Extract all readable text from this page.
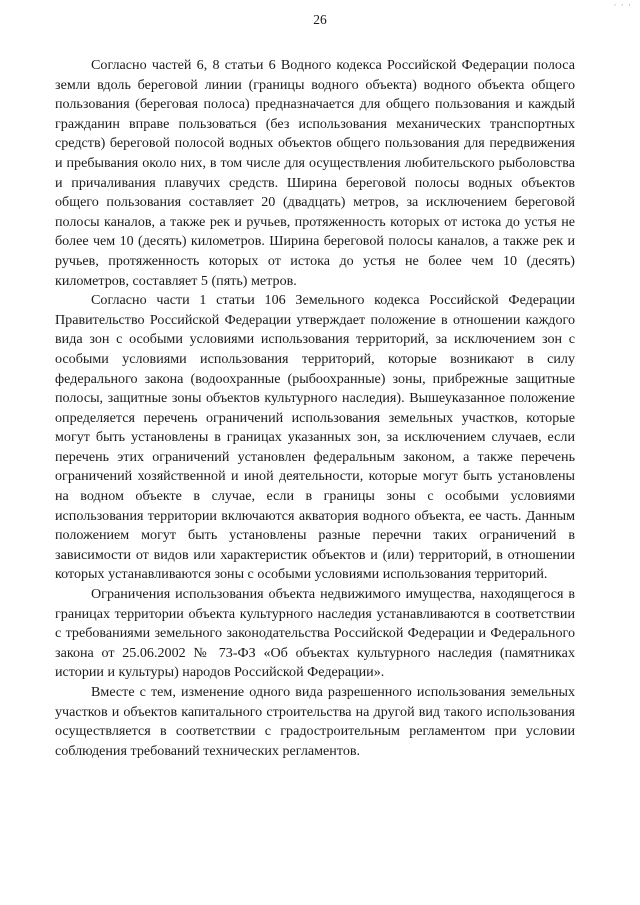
· · ·
26

Согласно частей 6, 8 статьи 6 Водного кодекса Российской Федерации полоса земли вдоль береговой линии (границы водного объекта) водного объекта общего пользования (береговая полоса) предназначается для общего пользования и каждый гражданин вправе пользоваться (без использования механических транспортных средств) береговой полосой водных объектов общего пользования для передвижения и пребывания около них, в том числе для осуществления любительского рыболовства и причаливания плавучих средств. Ширина береговой полосы водных объектов общего пользования составляет 20 (двадцать) метров, за исключением береговой полосы каналов, а также рек и ручьев, протяженность которых от истока до устья не более чем 10 (десять) километров. Ширина береговой полосы каналов, а также рек и ручьев, протяженность которых от истока до устья не более чем 10 (десять) километров, составляет 5 (пять) метров.

Согласно части 1 статьи 106 Земельного кодекса Российской Федерации Правительство Российской Федерации утверждает положение в отношении каждого вида зон с особыми условиями использования территорий, за исключением зон с особыми условиями использования территорий, которые возникают в силу федерального закона (водоохранные (рыбоохранные) зоны, прибрежные защитные полосы, защитные зоны объектов культурного наследия). Вышеуказанное положение определяется перечень ограничений использования земельных участков, которые могут быть установлены в границах указанных зон, за исключением случаев, если перечень этих ограничений установлен федеральным законом, а также перечень ограничений хозяйственной и иной деятельности, которые могут быть установлены на водном объекте в случае, если в границы зоны с особыми условиями использования территории включаются акватория водного объекта, ее часть. Данным положением могут быть установлены разные перечни таких ограничений в зависимости от видов или характеристик объектов и (или) территорий, в отношении которых устанавливаются зоны с особыми условиями использования территорий.

Ограничения использования объекта недвижимого имущества, находящегося в границах территории объекта культурного наследия устанавливаются в соответствии с требованиями земельного законодательства Российской Федерации и Федерального закона от 25.06.2002 № 73-ФЗ «Об объектах культурного наследия (памятниках истории и культуры) народов Российской Федерации».

Вместе с тем, изменение одного вида разрешенного использования земельных участков и объектов капитального строительства на другой вид такого использования осуществляется в соответствии с градостроительным регламентом при условии соблюдения требований технических регламентов.
